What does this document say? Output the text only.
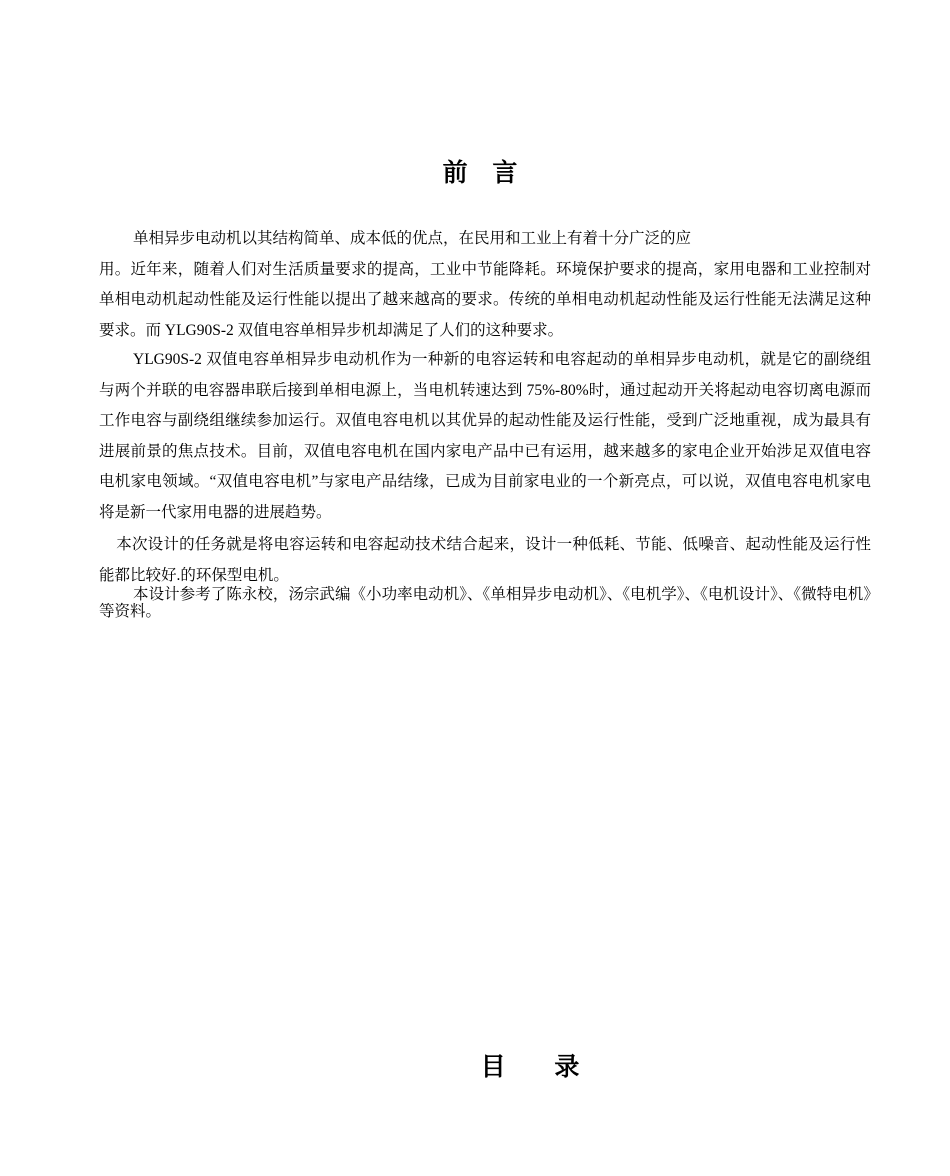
前 言

单相异步电动机以其结构简单、成本低的优点，在民用和工业上有着十分广泛的应
用。近年来，随着人们对生活质量要求的提高，工业中节能降耗。环境保护要求的提高，家用电器和工业控制对单相电动机起动性能及运行性能以提出了越来越高的要求。传统的单相电动机起动性能及运行性能无法满足这种要求。而 YLG90S-2 双值电容单相异步机却满足了人们的这种要求。

YLG90S-2 双值电容单相异步电动机作为一种新的电容运转和电容起动的单相异步电动机，就是它的副绕组与两个并联的电容器串联后接到单相电源上，当电机转速达到 75%-80%时，通过起动开关将起动电容切离电源而工作电容与副绕组继续参加运行。双值电容电机以其优异的起动性能及运行性能，受到广泛地重视，成为最具有进展前景的焦点技术。目前，双值电容电机在国内家电产品中已有运用，越来越多的家电企业开始涉足双值电容电机家电领域。“双值电容电机”与家电产品结缘，已成为目前家电业的一个新亮点，可以说，双值电容电机家电将是新一代家用电器的进展趋势。

本次设计的任务就是将电容运转和电容起动技术结合起来，设计一种低耗、节能、低噪音、起动性能及运行性能都比较好.的环保型电机。

本设计参考了陈永校，汤宗武编《小功率电动机》、《单相异步电动机》、《电机学》、《电机设计》、《微特电机》等资料。

目 录
